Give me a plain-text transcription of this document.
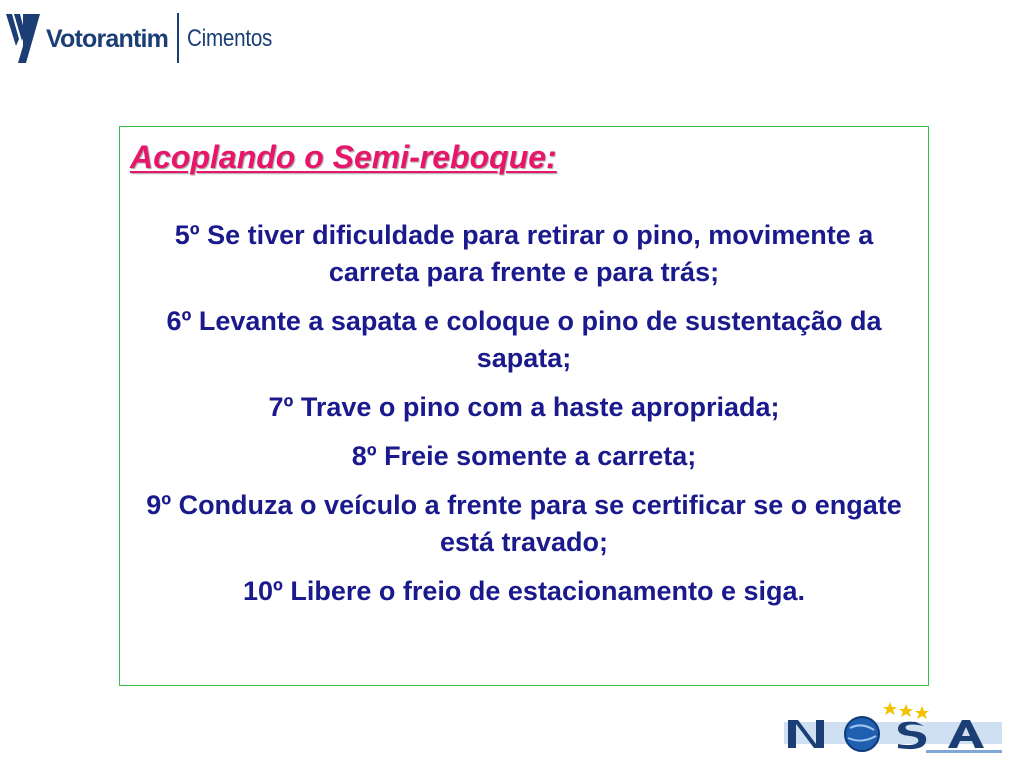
Votorantim Cimentos
Acoplando o Semi-reboque:
5º Se tiver dificuldade para retirar o pino, movimente a carreta para frente e para trás;
6º Levante a sapata e coloque o pino de sustentação da sapata;
7º Trave o pino com a haste apropriada;
8º Freie somente a carreta;
9º Conduza o veículo a frente para se certificar se o engate está travado;
10º Libere o freio de estacionamento e siga.
